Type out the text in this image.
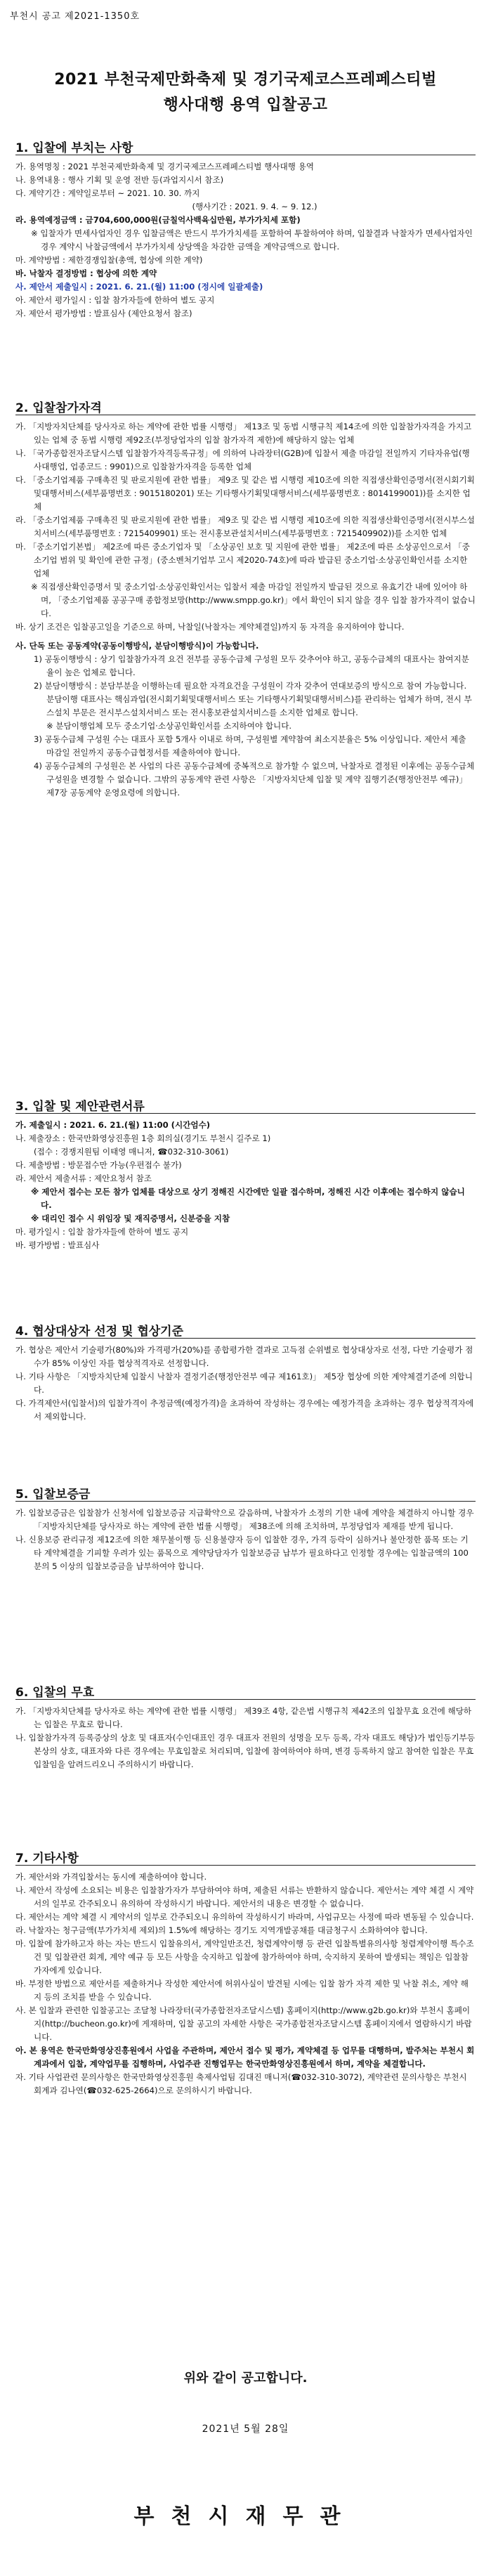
부천시 공고 제2021-1350호
2021 부천국제만화축제 및 경기국제코스프레페스티벌
행사대행 용역 입찰공고
1. 입찰에 부치는 사항

가. 용역명칭 : 2021 부천국제만화축제 및 경기국제코스프레페스티벌 행사대행 용역

나. 용역내용 : 행사 기획 및 운영 전반 등(과업지시서 참조)

다. 계약기간 : 계약일로부터 ~ 2021. 10. 30. 까지

(행사기간 : 2021. 9. 4. ~ 9. 12.)

라. 용역예정금액 : 금704,600,000원(금칠억사백육십만원, 부가가치세 포함)

※ 입찰자가 면세사업자인 경우 입찰금액은 반드시 부가가치세를 포함하여 투찰하여야 하며, 입찰결과 낙찰자가 면세사업자인 경우 계약시 낙찰금액에서 부가가치세 상당액을 차감한 금액을 계약금액으로 합니다.

마. 계약방법 : 제한경쟁입찰(총액, 협상에 의한 계약)

바. 낙찰자 결정방법 : 협상에 의한 계약

사. 제안서 제출일시 : 2021. 6. 21.(월) 11:00 (정시에 일괄제출)

아. 제안서 평가일시 : 입찰 참가자들에 한하여 별도 공지

자. 제안서 평가방법 : 발표심사 (제안요청서 참조)

2. 입찰참가자격

가. 「지방자치단체를 당사자로 하는 계약에 관한 법률 시행령」 제13조 및 동법 시행규칙 제14조에 의한 입찰참가자격을 가지고 있는 업체 중 동법 시행령 제92조(부정당업자의 입찰 참가자격 제한)에 해당하지 않는 업체

나. 「국가종합전자조달시스템 입찰참가자격등록규정」에 의하여 나라장터(G2B)에 입찰서 제출 마감일 전일까지 기타자유업(행사대행업, 업종코드 : 9901)으로 입찰참가자격을 등록한 업체

다. 「중소기업제품 구매촉진 및 판로지원에 관한 법률」 제9조 및 같은 법 시행령 제10조에 의한 직접생산확인증명서(전시회기획및대행서비스(세부품명번호 : 9015180201) 또는 기타행사기획및대행서비스(세부품명번호 : 8014199001))를 소지한 업체

라. 「중소기업제품 구매촉진 및 판로지원에 관한 법률」 제9조 및 같은 법 시행령 제10조에 의한 직접생산확인증명서(전시부스설치서비스(세부품명번호 : 7215409901) 또는 전시홍보관설치서비스(세부품명번호 : 7215409902))를 소지한 업체

마. 「중소기업기본법」 제2조에 따른 중소기업자 및 「소상공인 보호 및 지원에 관한 법률」 제2조에 따른 소상공인으로서 「중소기업 범위 및 확인에 관한 규정」(중소벤처기업부 고시 제2020-74호)에 따라 발급된 중소기업·소상공인확인서를 소지한 업체

※ 직접생산확인증명서 및 중소기업·소상공인확인서는 입찰서 제출 마감일 전일까지 발급된 것으로 유효기간 내에 있어야 하며, 「중소기업제품 공공구매 종합정보망(http://www.smpp.go.kr)」에서 확인이 되지 않을 경우 입찰 참가자격이 없습니다.

바. 상기 조건은 입찰공고일을 기준으로 하며, 낙찰일(낙찰자는 계약체결일)까지 동 자격을 유지하여야 합니다.

사. 단독 또는 공동계약(공동이행방식, 분담이행방식)이 가능합니다.

1) 공동이행방식 : 상기 입찰참가자격 요건 전부를 공동수급체 구성원 모두 갖추어야 하고, 공동수급체의 대표사는 참여지분율이 높은 업체로 합니다.

2) 분담이행방식 : 분담부분을 이행하는데 필요한 자격요건을 구성원이 각자 갖추어 연대보증의 방식으로 참여 가능합니다. 분담이행 대표사는 핵심과업(전시회기획및대행서비스 또는 기타행사기획및대행서비스)를 관리하는 업체가 하며, 전시 부스설치 부문은 전시부스설치서비스 또는 전시홍보관설치서비스를 소지한 업체로 합니다.

※ 분담이행업체 모두 중소기업·소상공인확인서를 소지하여야 합니다.

3) 공동수급체 구성원 수는 대표사 포함 5개사 이내로 하며, 구성원별 계약참여 최소지분율은 5% 이상입니다. 제안서 제출 마감일 전일까지 공동수급협정서를 제출하여야 합니다.

4) 공동수급체의 구성원은 본 사업의 다른 공동수급체에 중복적으로 참가할 수 없으며, 낙찰자로 결정된 이후에는 공동수급체 구성원을 변경할 수 없습니다. 그밖의 공동계약 관련 사항은 「지방자치단체 입찰 및 계약 집행기준(행정안전부 예규)」 제7장 공동계약 운영요령에 의합니다.

3. 입찰 및 제안관련서류

가. 제출일시 : 2021. 6. 21.(월) 11:00 (시간엄수)

나. 제출장소 : 한국만화영상진흥원 1층 회의실(경기도 부천시 길주로 1)

(접수 : 경쟁지원팀 이태영 매니저, ☎032-310-3061)

다. 제출방법 : 방문접수만 가능(우편접수 불가)

라. 제안서 제출서류 : 제안요청서 참조

※ 제안서 접수는 모든 참가 업체를 대상으로 상기 정해진 시간에만 일괄 접수하며, 정해진 시간 이후에는 접수하지 않습니다.

※ 대리인 접수 시 위임장 및 재직증명서, 신분증을 지참

마. 평가일시 : 입찰 참가자들에 한하여 별도 공지

바. 평가방법 : 발표심사

4. 협상대상자 선정 및 협상기준

가. 협상은 제안서 기술평가(80%)와 가격평가(20%)를 종합평가한 결과로 고득점 순위별로 협상대상자로 선정, 다만 기술평가 점수가 85% 이상인 자를 협상적격자로 선정합니다.

나. 기타 사항은 「지방자치단체 입찰시 낙찰자 결정기준(행정안전부 예규 제161호)」 제5장 협상에 의한 계약체결기준에 의합니다.

다. 가격제안서(입찰서)의 입찰가격이 추정금액(예정가격)을 초과하여 작성하는 경우에는 예정가격을 초과하는 경우 협상적격자에서 제외합니다.

5. 입찰보증금

가. 입찰보증금은 입찰참가 신청서에 입찰보증금 지급확약으로 갈음하며, 낙찰자가 소정의 기한 내에 계약을 체결하지 아니할 경우 「지방자치단체를 당사자로 하는 계약에 관한 법률 시행령」 제38조에 의해 조치하며, 부정당업자 제재를 받게 됩니다.

나. 신용보증 관리규정 제12조에 의한 채무불이행 등 신용불량자 등이 입찰한 경우, 가격 등락이 심하거나 불안정한 품목 또는 기타 계약체결을 기피할 우려가 있는 품목으로 계약당담자가 입찰보증금 납부가 필요하다고 인정할 경우에는 입찰금액의 100분의 5 이상의 입찰보증금을 납부하여야 합니다.

6. 입찰의 무효

가. 「지방자치단체를 당사자로 하는 계약에 관한 법률 시행령」 제39조 4항, 같은법 시행규칙 제42조의 입찰무효 요건에 해당하는 입찰은 무효로 합니다.

나. 입찰참가자격 등록증상의 상호 및 대표자(수인대표인 경우 대표자 전원의 성명을 모두 등록, 각자 대표도 해당)가 법인등기부등본상의 상호, 대표자와 다른 경우에는 무효입찰로 처리되며, 입찰에 참여하여야 하며, 변경 등록하지 않고 참여한 입찰은 무효입찰임을 알려드리오니 주의하시기 바랍니다.

7. 기타사항

가. 제안서와 가격입찰서는 동시에 제출하여야 합니다.

나. 제안서 작성에 소요되는 비용은 입찰참가자가 부담하여야 하며, 제출된 서류는 반환하지 않습니다. 제안서는 계약 체결 시 계약서의 일부로 간주되오니 유의하여 작성하시기 바랍니다. 제안서의 내용은 변경할 수 없습니다.

다. 제안서는 계약 체결 시 계약서의 일부로 간주되오니 유의하여 작성하시기 바라며, 사업규모는 사정에 따라 변동될 수 있습니다.

라. 낙찰자는 청구금액(부가가치세 제외)의 1.5%에 해당하는 경기도 지역개발공채를 대금청구시 소화하여야 합니다.

마. 입찰에 참가하고자 하는 자는 반드시 입찰유의서, 계약일반조건, 청렴계약이행 등 관련 입찰특별유의사항 청렴계약이행 특수조건 및 입찰관련 회계, 계약 예규 등 모든 사항을 숙지하고 입찰에 참가하여야 하며, 숙지하지 못하여 발생되는 책임은 입찰참가자에게 있습니다.

바. 부정한 방법으로 제안서를 제출하거나 작성한 제안서에 허위사실이 발견될 시에는 입찰 참가 자격 제한 및 낙찰 취소, 계약 해지 등의 조치를 받을 수 있습니다.

사. 본 입찰과 관련한 입찰공고는 조달청 나라장터(국가종합전자조달시스템) 홈페이지(http://www.g2b.go.kr)와 부천시 홈페이지(http://bucheon.go.kr)에 게재하며, 입찰 공고의 자세한 사항은 국가종합전자조달시스템 홈페이지에서 열람하시기 바랍니다.

아. 본 용역은 한국만화영상진흥원에서 사업을 주관하며, 제안서 접수 및 평가, 계약체결 등 업무를 대행하며, 발주처는 부천시 회계과에서 입찰, 계약업무를 집행하며, 사업주관 진행업무는 한국만화영상진흥원에서 하며, 계약을 체결합니다.

자. 기타 사업관련 문의사항은 한국만화영상진흥원 축제사업팀 김대진 매니저(☎032-310-3072), 계약관련 문의사항은 부천시 회계과 김나연(☎032-625-2664)으로 문의하시기 바랍니다.

위와 같이 공고합니다.
2021년 5월 28일
부천시재무관
